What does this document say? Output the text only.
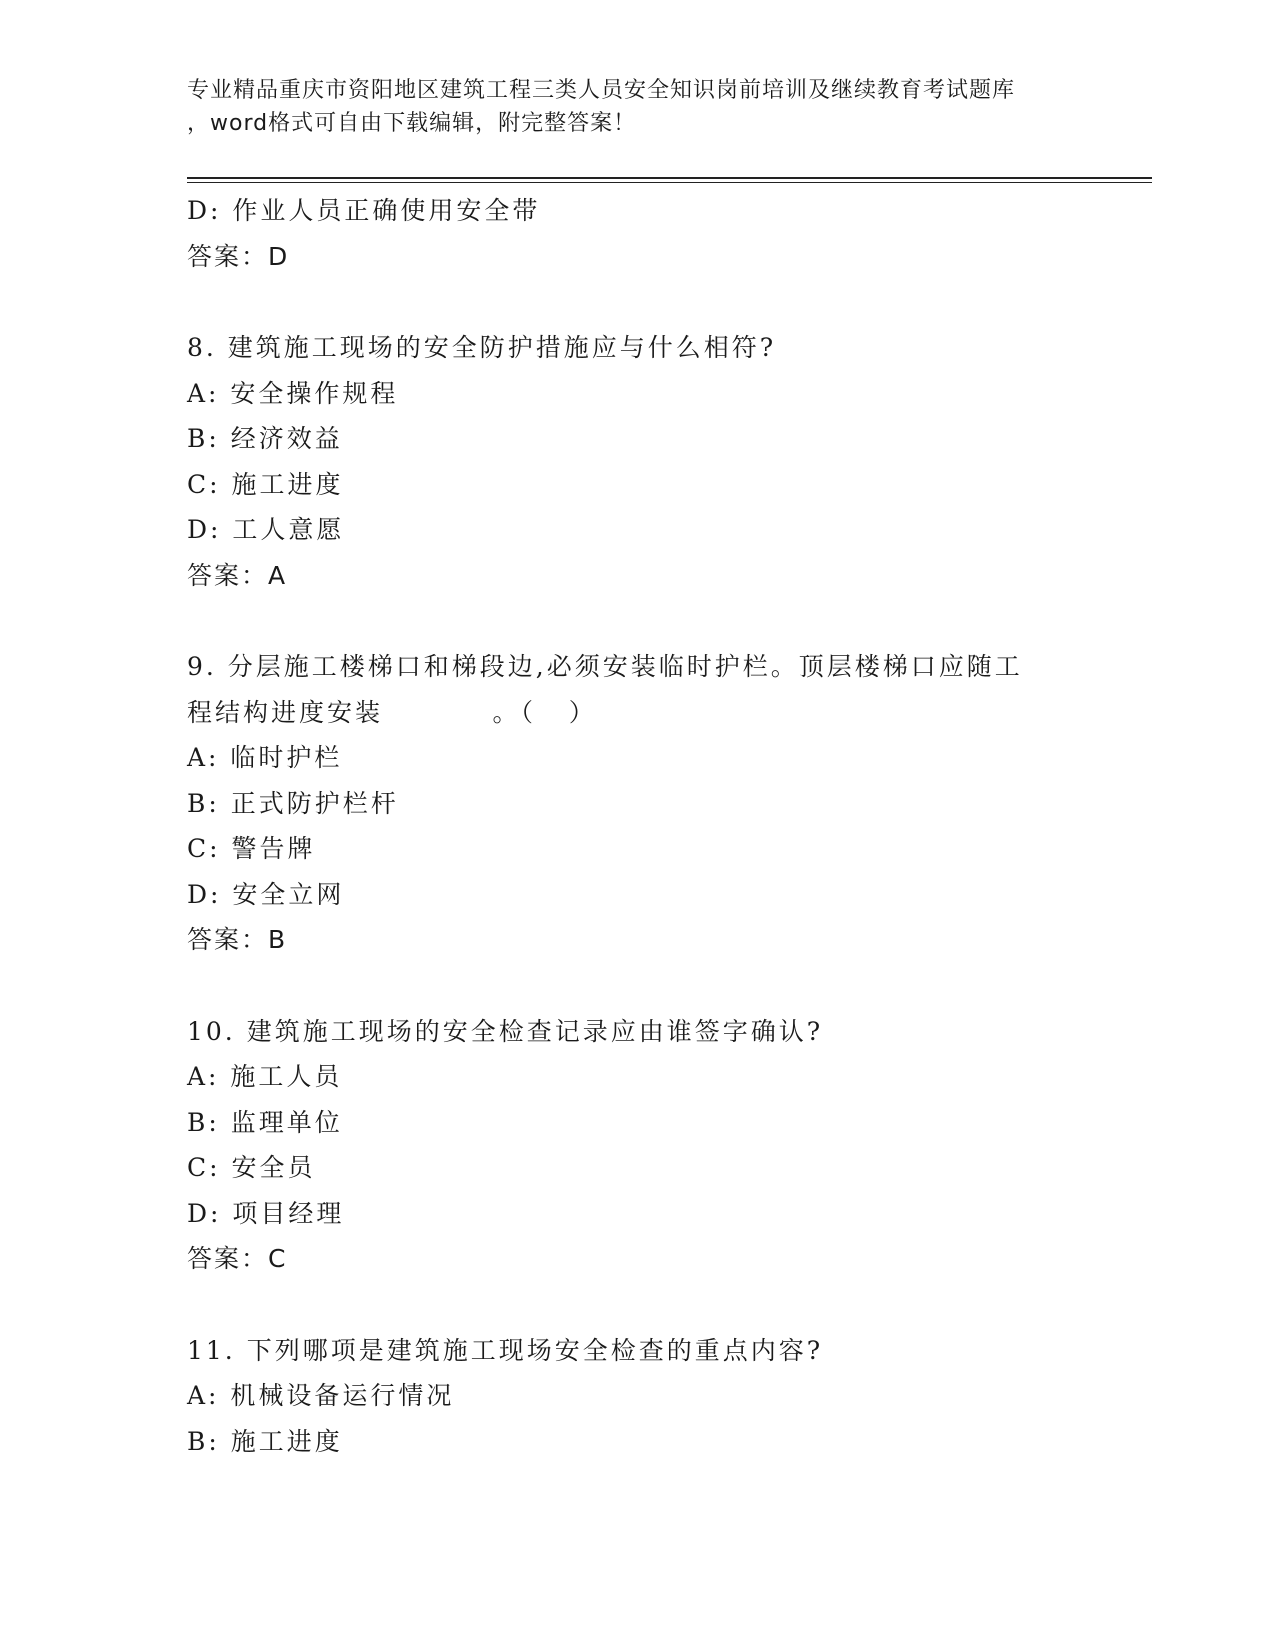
专业精品重庆市资阳地区建筑工程三类人员安全知识岗前培训及继续教育考试题库
，word格式可自由下载编辑，附完整答案！
D: 作业人员正确使用安全带
答案：D
8. 建筑施工现场的安全防护措施应与什么相符?
A: 安全操作规程
B: 经济效益
C: 施工进度
D: 工人意愿
答案：A
9. 分层施工楼梯口和梯段边,必须安装临时护栏。顶层楼梯口应随工
程结构进度安装          。（   ）
A: 临时护栏
B: 正式防护栏杆
C: 警告牌
D: 安全立网
答案：B
10. 建筑施工现场的安全检查记录应由谁签字确认?
A: 施工人员
B: 监理单位
C: 安全员
D: 项目经理
答案：C
11. 下列哪项是建筑施工现场安全检查的重点内容?
A: 机械设备运行情况
B: 施工进度
